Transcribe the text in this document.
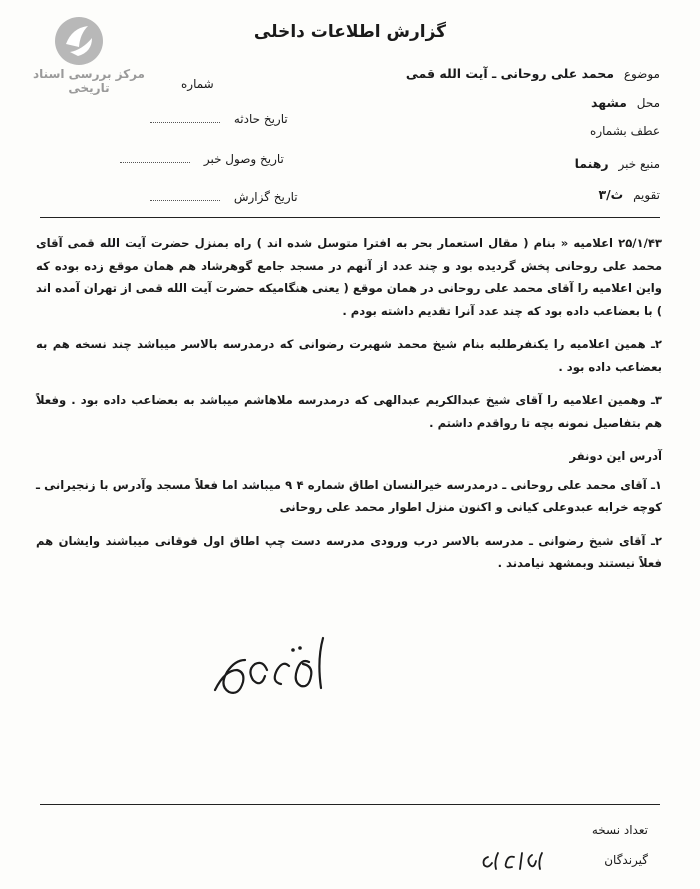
مرکز بررسی اسناد تاریخی
گزارش اطلاعات داخلی
موضوع محمد علی روحانی ـ آیت الله قمی
محل مشهد
عطف بشماره
منبع خبر رهنما
تقویم ث/۳
شماره
تاریخ حادثه
تاریخ وصول خبر
تاریخ گزارش

۲۵/۱/۴۳ اعلامیه « بنام ( مقال استعمار بحر به افترا متوسل شده اند ) راه بمنزل حضرت آیت الله قمی آقای محمد علی روحانی پخش گردیده بود و چند عدد از آنهم در مسجد جامع گوهرشاد هم همان موقع زده بوده که واین اعلامیه را آقای محمد علی روحانی در همان موقع ( یعنی هنگامیکه حضرت آیت الله قمی از تهران آمده اند ) با بعضاعب داده بود که چند عدد آنرا تقدیم داشته بودم .

۲ـ همین اعلامیه را یکنفرطلبه بنام شیخ محمد شهبرت رضوانی که درمدرسه بالاسر میباشد چند نسخه هم به بعضاعب داده بود .

۳ـ وهمین اعلامیه را آقای شیخ عبدالکریم عبدالهی که درمدرسه ملاهاشم میباشد به بعضاعب داده بود . وفعلاً هم بتفاصیل نمونه بچه تا رواقدم داشتم .

آدرس این دونفر

۱ـ آقای محمد علی روحانی ـ درمدرسه خیرالنسان اطاق شماره ۴ ۹ میباشد اما فعلاً مسجد وآدرس با زنجیرانی ـ کوچه خرابه عبدوعلی کیانی و اکنون منزل اطوار محمد علی روحانی

۲ـ آقای شیخ رضوانی ـ مدرسه بالاسر درب ورودی مدرسه دست چپ اطاق اول فوقانی میباشند وایشان هم فعلاً نیستند وبمشهد نیامدند .

تعداد نسخه
گیرندگان
